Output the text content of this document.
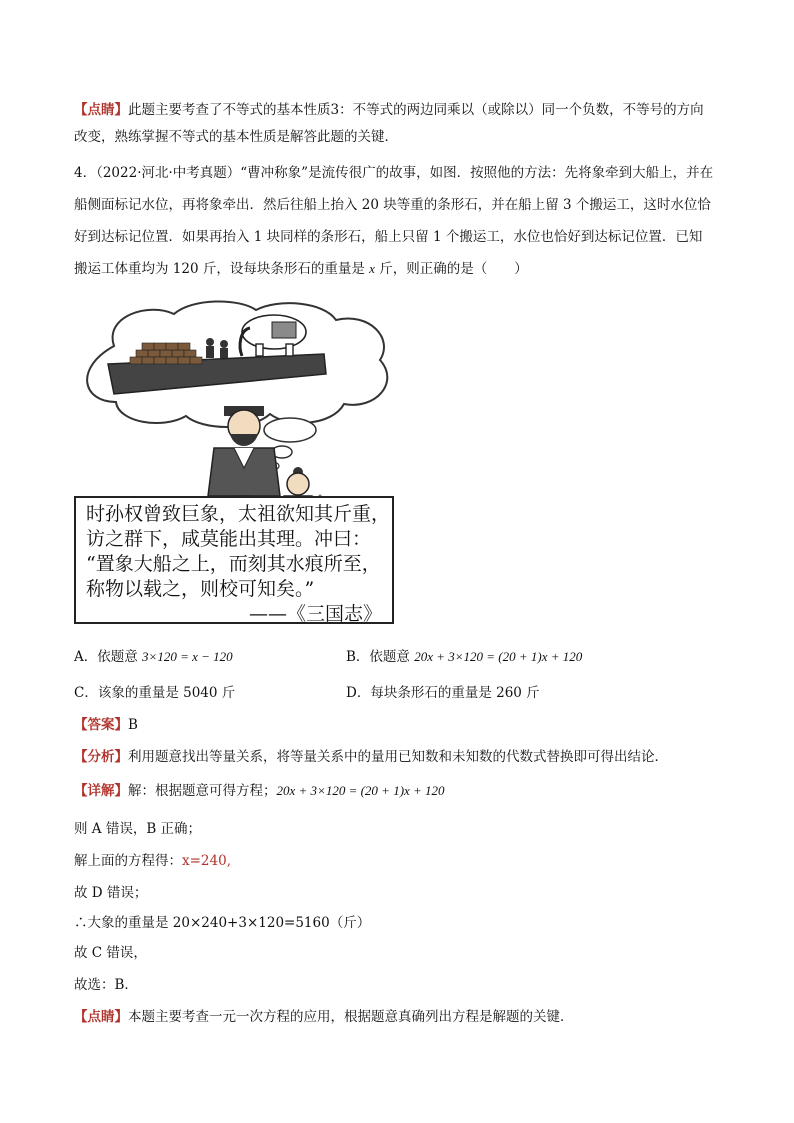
【点睛】此题主要考查了不等式的基本性质3：不等式的两边同乘以（或除以）同一个负数，不等号的方向
改变，熟练掌握不等式的基本性质是解答此题的关键．
4．（2022·河北·中考真题）“曹冲称象”是流传很广的故事，如图．按照他的方法：先将象牵到大船上，并在
船侧面标记水位，再将象牵出．然后往船上抬入 20 块等重的条形石，并在船上留 3 个搬运工，这时水位恰
好到达标记位置．如果再抬入 1 块同样的条形石，船上只留 1 个搬运工，水位也恰好到达标记位置．已知
搬运工体重均为 120 斤，设每块条形石的重量是 x 斤，则正确的是（　　）
时孙权曾致巨象，太祖欲知其斤重，
访之群下，咸莫能出其理。冲曰：
“置象大船之上，而刻其水痕所至，
称物以载之，则校可知矣。”
——《三国志》
A．依题意 3×120 = x − 120	B．依题意 20x + 3×120 = (20 + 1)x + 120
C．该象的重量是 5040 斤	D．每块条形石的重量是 260 斤
【答案】B
【分析】利用题意找出等量关系，将等量关系中的量用已知数和未知数的代数式替换即可得出结论．
【详解】解：根据题意可得方程；20x + 3×120 = (20 + 1)x + 120
则 A 错误，B 正确；
解上面的方程得：x=240,
故 D 错误；
∴大象的重量是 20×240+3×120=5160（斤）
故 C 错误，
故选：B．
【点睛】本题主要考查一元一次方程的应用，根据题意真确列出方程是解题的关键．
